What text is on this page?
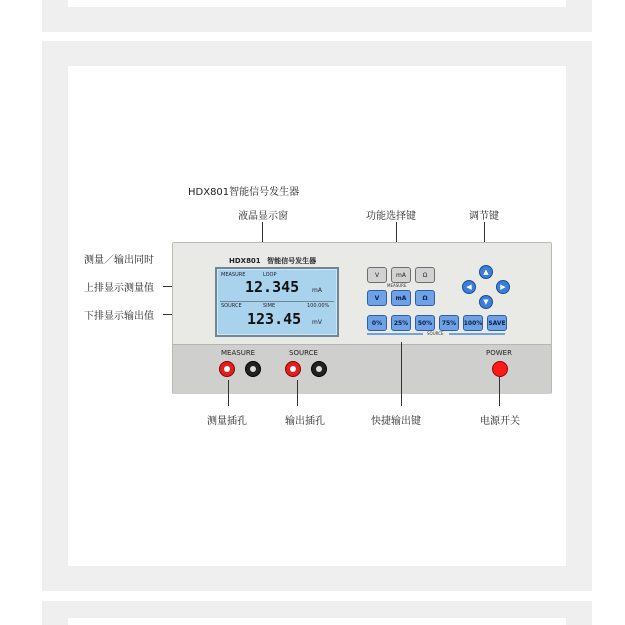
HDX801智能信号发生器
液晶显示窗	功能选择键	调节键
测量／输出同时
上排显示测量值
下排显示输出值
HDX801 智能信号发生器
MEASURE	LOOP
12.345 mA
SOURCE	SIME	100.00%
123.45 mV
V	mA	Ω
MEASURE
V	mA	Ω
0%	25%	50%	75%	100% SAVE
SOURCE
▲
◀	▶
▼
MEASURE	SOURCE	POWER
测量插孔	输出插孔	快捷输出键	电源开关
